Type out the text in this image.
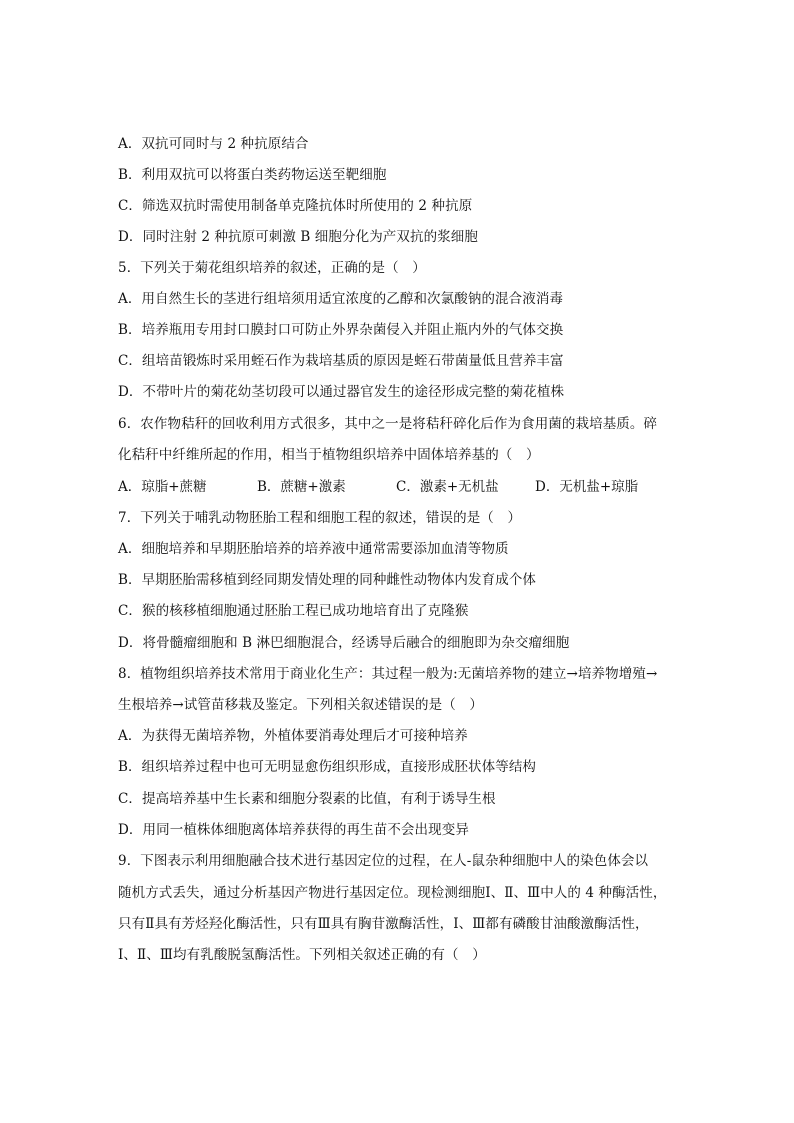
A．双抗可同时与 2 种抗原结合
B．利用双抗可以将蛋白类药物运送至靶细胞
C．筛选双抗时需使用制备单克隆抗体时所使用的 2 种抗原
D．同时注射 2 种抗原可刺激 B 细胞分化为产双抗的浆细胞
5．下列关于菊花组织培养的叙述，正确的是（　）
A．用自然生长的茎进行组培须用适宜浓度的乙醇和次氯酸钠的混合液消毒
B．培养瓶用专用封口膜封口可防止外界杂菌侵入并阻止瓶内外的气体交换
C．组培苗锻炼时采用蛭石作为栽培基质的原因是蛭石带菌量低且营养丰富
D．不带叶片的菊花幼茎切段可以通过器官发生的途径形成完整的菊花植株
6．农作物秸秆的回收利用方式很多，其中之一是将秸秆碎化后作为食用菌的栽培基质。碎
化秸秆中纤维所起的作用，相当于植物组织培养中固体培养基的（　）
A．琼脂+蔗糖	B．蔗糖+激素	C．激素+无机盐	D．无机盐+琼脂
7．下列关于哺乳动物胚胎工程和细胞工程的叙述，错误的是（　）
A．细胞培养和早期胚胎培养的培养液中通常需要添加血清等物质
B．早期胚胎需移植到经同期发情处理的同种雌性动物体内发育成个体
C．猴的核移植细胞通过胚胎工程已成功地培育出了克隆猴
D．将骨髓瘤细胞和 B 淋巴细胞混合，经诱导后融合的细胞即为杂交瘤细胞
8．植物组织培养技术常用于商业化生产：其过程一般为:无菌培养物的建立→培养物增殖→
生根培养→试管苗移栽及鉴定。下列相关叙述错误的是（　）
A．为获得无菌培养物，外植体要消毒处理后才可接种培养
B．组织培养过程中也可无明显愈伤组织形成，直接形成胚状体等结构
C．提高培养基中生长素和细胞分裂素的比值，有利于诱导生根
D．用同一植株体细胞离体培养获得的再生苗不会出现变异
9．下图表示利用细胞融合技术进行基因定位的过程，在人-鼠杂种细胞中人的染色体会以
随机方式丢失，通过分析基因产物进行基因定位。现检测细胞Ⅰ、Ⅱ、Ⅲ中人的 4 种酶活性，
只有Ⅱ具有芳烃羟化酶活性，只有Ⅲ具有胸苷激酶活性，Ⅰ、Ⅲ都有磷酸甘油酸激酶活性，
Ⅰ、Ⅱ、Ⅲ均有乳酸脱氢酶活性。下列相关叙述正确的有（　）
